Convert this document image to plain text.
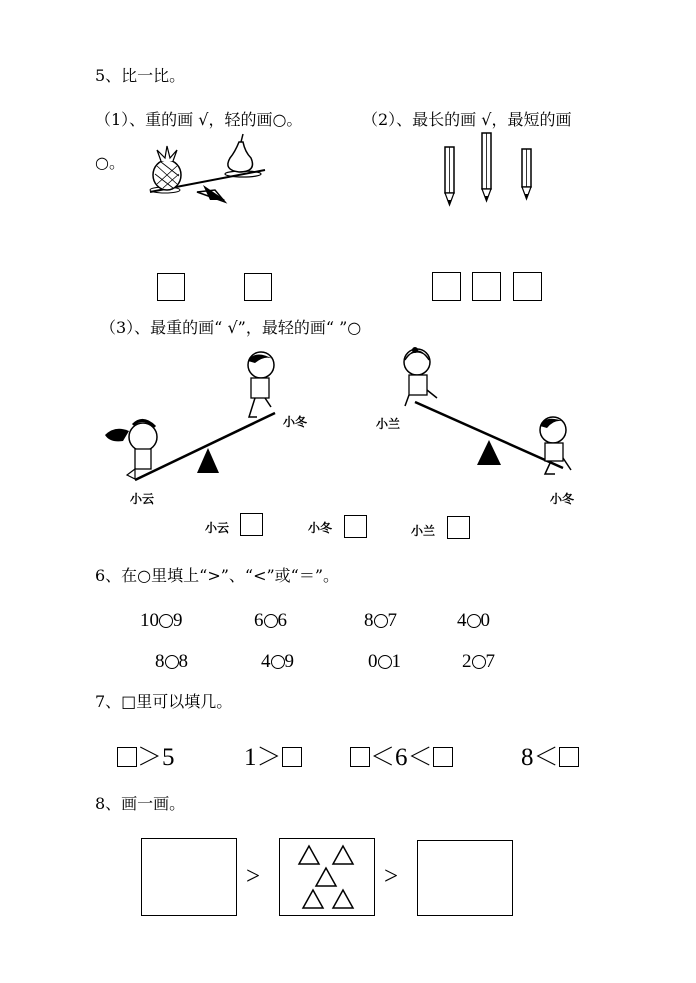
5、比一比。
（1）、重的画 √，轻的画○。	（2）、最长的画 √，最短的画
○。
（3）、最重的画“ √”，最轻的画“ ”○
小云
小冬	小兰
小冬
小云	小冬	小兰
6、在○里填上“>”、“<”或“＝”。
10 9	6 6	8 7	4 0
8 8	4 9	0 1	2 7
7、□里可以填几。
＞5	1＞	＜6＜	8＜
8、画一画。
>	>
